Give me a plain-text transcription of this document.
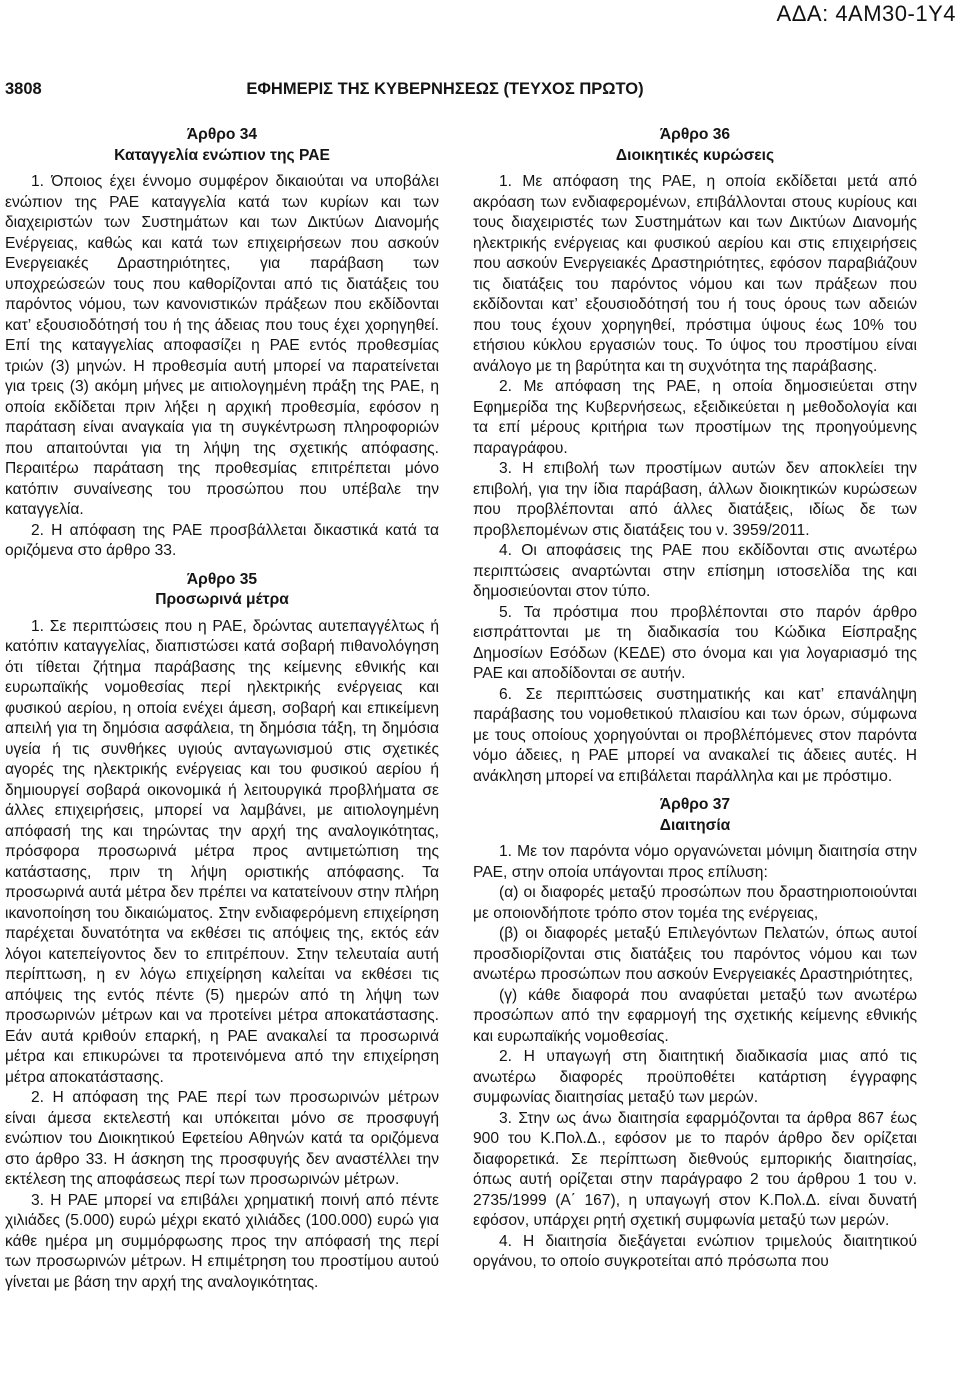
ΑΔΑ: 4ΑΜ30-1Υ4
3808	ΕΦΗΜΕΡΙΣ ΤΗΣ ΚΥΒΕΡΝΗΣΕΩΣ (ΤΕΥΧΟΣ ΠΡΩΤΟ)
Άρθρο 34
Καταγγελία ενώπιον της ΡΑΕ

1. Όποιος έχει έννομο συμφέρον δικαιούται να υποβάλει ενώπιον της ΡΑΕ καταγγελία κατά των κυρίων και των διαχειριστών των Συστημάτων και των Δικτύων Διανομής Ενέργειας, καθώς και κατά των επιχειρήσεων που ασκούν Ενεργειακές Δραστηριότητες, για παράβαση των υποχρεώσεών τους που καθορίζονται από τις διατάξεις του παρόντος νόμου, των κανονιστικών πράξεων που εκδίδονται κατ’ εξουσιοδότησή του ή της άδειας που τους έχει χορηγηθεί. Επί της καταγγελίας αποφασίζει η ΡΑΕ εντός προθεσμίας τριών (3) μηνών. Η προθεσμία αυτή μπορεί να παρατείνεται για τρεις (3) ακόμη μήνες με αιτιολογημένη πράξη της ΡΑΕ, η οποία εκδίδεται πριν λήξει η αρχική προθεσμία, εφόσον η παράταση είναι αναγκαία για τη συγκέντρωση πληροφοριών που απαιτούνται για τη λήψη της σχετικής απόφασης. Περαιτέρω παράταση της προθεσμίας επιτρέπεται μόνο κατόπιν συναίνεσης του προσώπου που υπέβαλε την καταγγελία.

2. Η απόφαση της ΡΑΕ προσβάλλεται δικαστικά κατά τα οριζόμενα στο άρθρο 33.

Άρθρο 35
Προσωρινά μέτρα

1. Σε περιπτώσεις που η ΡΑΕ, δρώντας αυτεπαγγέλτως ή κατόπιν καταγγελίας, διαπιστώσει κατά σοβαρή πιθανολόγηση ότι τίθεται ζήτημα παράβασης της κείμενης εθνικής και ευρωπαϊκής νομοθεσίας περί ηλεκτρικής ενέργειας και φυσικού αερίου, η οποία ενέχει άμεση, σοβαρή και επικείμενη απειλή για τη δημόσια ασφάλεια, τη δημόσια τάξη, τη δημόσια υγεία ή τις συνθήκες υγιούς ανταγωνισμού στις σχετικές αγορές της ηλεκτρικής ενέργειας και του φυσικού αερίου ή δημιουργεί σοβαρά οικονομικά ή λειτουργικά προβλήματα σε άλλες επιχειρήσεις, μπορεί να λαμβάνει, με αιτιολογημένη απόφασή της και τηρώντας την αρχή της αναλογικότητας, πρόσφορα προσωρινά μέτρα προς αντιμετώπιση της κατάστασης, πριν τη λήψη οριστικής απόφασης. Τα προσωρινά αυτά μέτρα δεν πρέπει να κατατείνουν στην πλήρη ικανοποίηση του δικαιώματος. Στην ενδιαφερόμενη επιχείρηση παρέχεται δυνατότητα να εκθέσει τις απόψεις της, εκτός εάν λόγοι κατεπείγοντος δεν το επιτρέπουν. Στην τελευταία αυτή περίπτωση, η εν λόγω επιχείρηση καλείται να εκθέσει τις απόψεις της εντός πέντε (5) ημερών από τη λήψη των προσωρινών μέτρων και να προτείνει μέτρα αποκατάστασης. Εάν αυτά κριθούν επαρκή, η ΡΑΕ ανακαλεί τα προσωρινά μέτρα και επικυρώνει τα προτεινόμενα από την επιχείρηση μέτρα αποκατάστασης.

2. Η απόφαση της ΡΑΕ περί των προσωρινών μέτρων είναι άμεσα εκτελεστή και υπόκειται μόνο σε προσφυγή ενώπιον του Διοικητικού Εφετείου Αθηνών κατά τα οριζόμενα στο άρθρο 33. Η άσκηση της προσφυγής δεν αναστέλλει την εκτέλεση της αποφάσεως περί των προσωρινών μέτρων.

3. Η ΡΑΕ μπορεί να επιβάλει χρηματική ποινή από πέντε χιλιάδες (5.000) ευρώ μέχρι εκατό χιλιάδες (100.000) ευρώ για κάθε ημέρα μη συμμόρφωσης προς την απόφασή της περί των προσωρινών μέτρων. Η επιμέτρηση του προστίμου αυτού γίνεται με βάση την αρχή της αναλογικότητας.

Άρθρο 36
Διοικητικές κυρώσεις

1. Με απόφαση της ΡΑΕ, η οποία εκδίδεται μετά από ακρόαση των ενδιαφερομένων, επιβάλλονται στους κυρίους και τους διαχειριστές των Συστημάτων και των Δικτύων Διανομής ηλεκτρικής ενέργειας και φυσικού αερίου και στις επιχειρήσεις που ασκούν Ενεργειακές Δραστηριότητες, εφόσον παραβιάζουν τις διατάξεις του παρόντος νόμου και των πράξεων που εκδίδονται κατ’ εξουσιοδότησή του ή τους όρους των αδειών που τους έχουν χορηγηθεί, πρόστιμα ύψους έως 10% του ετήσιου κύκλου εργασιών τους. Το ύψος του προστίμου είναι ανάλογο με τη βαρύτητα και τη συχνότητα της παράβασης.

2. Με απόφαση της ΡΑΕ, η οποία δημοσιεύεται στην Εφημερίδα της Κυβερνήσεως, εξειδικεύεται η μεθοδολογία και τα επί μέρους κριτήρια των προστίμων της προηγούμενης παραγράφου.

3. Η επιβολή των προστίμων αυτών δεν αποκλείει την επιβολή, για την ίδια παράβαση, άλλων διοικητικών κυρώσεων που προβλέπονται από άλλες διατάξεις, ιδίως δε των προβλεπομένων στις διατάξεις του ν. 3959/2011.

4. Οι αποφάσεις της ΡΑΕ που εκδίδονται στις ανωτέρω περιπτώσεις αναρτώνται στην επίσημη ιστοσελίδα της και δημοσιεύονται στον τύπο.

5. Τα πρόστιμα που προβλέπονται στο παρόν άρθρο εισπράττονται με τη διαδικασία του Κώδικα Είσπραξης Δημοσίων Εσόδων (ΚΕΔΕ) στο όνομα και για λογαριασμό της ΡΑΕ και αποδίδονται σε αυτήν.

6. Σε περιπτώσεις συστηματικής και κατ’ επανάληψη παράβασης του νομοθετικού πλαισίου και των όρων, σύμφωνα με τους οποίους χορηγούνται οι προβλέπόμενες στον παρόντα νόμο άδειες, η ΡΑΕ μπορεί να ανακαλεί τις άδειες αυτές. Η ανάκληση μπορεί να επιβάλεται παράλληλα και με πρόστιμο.

Άρθρο 37
Διαιτησία

1. Με τον παρόντα νόμο οργανώνεται μόνιμη διαιτησία στην ΡΑΕ, στην οποία υπάγονται προς επίλυση:

(α) οι διαφορές μεταξύ προσώπων που δραστηριοποιούνται με οποιονδήποτε τρόπο στον τομέα της ενέργειας,

(β) οι διαφορές μεταξύ Επιλεγόντων Πελατών, όπως αυτοί προσδιορίζονται στις διατάξεις του παρόντος νόμου και των ανωτέρω προσώπων που ασκούν Ενεργειακές Δραστηριότητες,

(γ) κάθε διαφορά που αναφύεται μεταξύ των ανωτέρω προσώπων από την εφαρμογή της σχετικής κείμενης εθνικής και ευρωπαϊκής νομοθεσίας.

2. Η υπαγωγή στη διαιτητική διαδικασία μιας από τις ανωτέρω διαφορές προϋποθέτει κατάρτιση έγγραφης συμφωνίας διαιτησίας μεταξύ των μερών.

3. Στην ως άνω διαιτησία εφαρμόζονται τα άρθρα 867 έως 900 του Κ.Πολ.Δ., εφόσον με το παρόν άρθρο δεν ορίζεται διαφορετικά. Σε περίπτωση διεθνούς εμπορικής διαιτησίας, όπως αυτή ορίζεται στην παράγραφο 2 του άρθρου 1 του ν. 2735/1999 (Α΄ 167), η υπαγωγή στον Κ.Πολ.Δ. είναι δυνατή εφόσον, υπάρχει ρητή σχετική συμφωνία μεταξύ των μερών.

4. Η διαιτησία διεξάγεται ενώπιον τριμελούς διαιτητικού οργάνου, το οποίο συγκροτείται από πρόσωπα που
